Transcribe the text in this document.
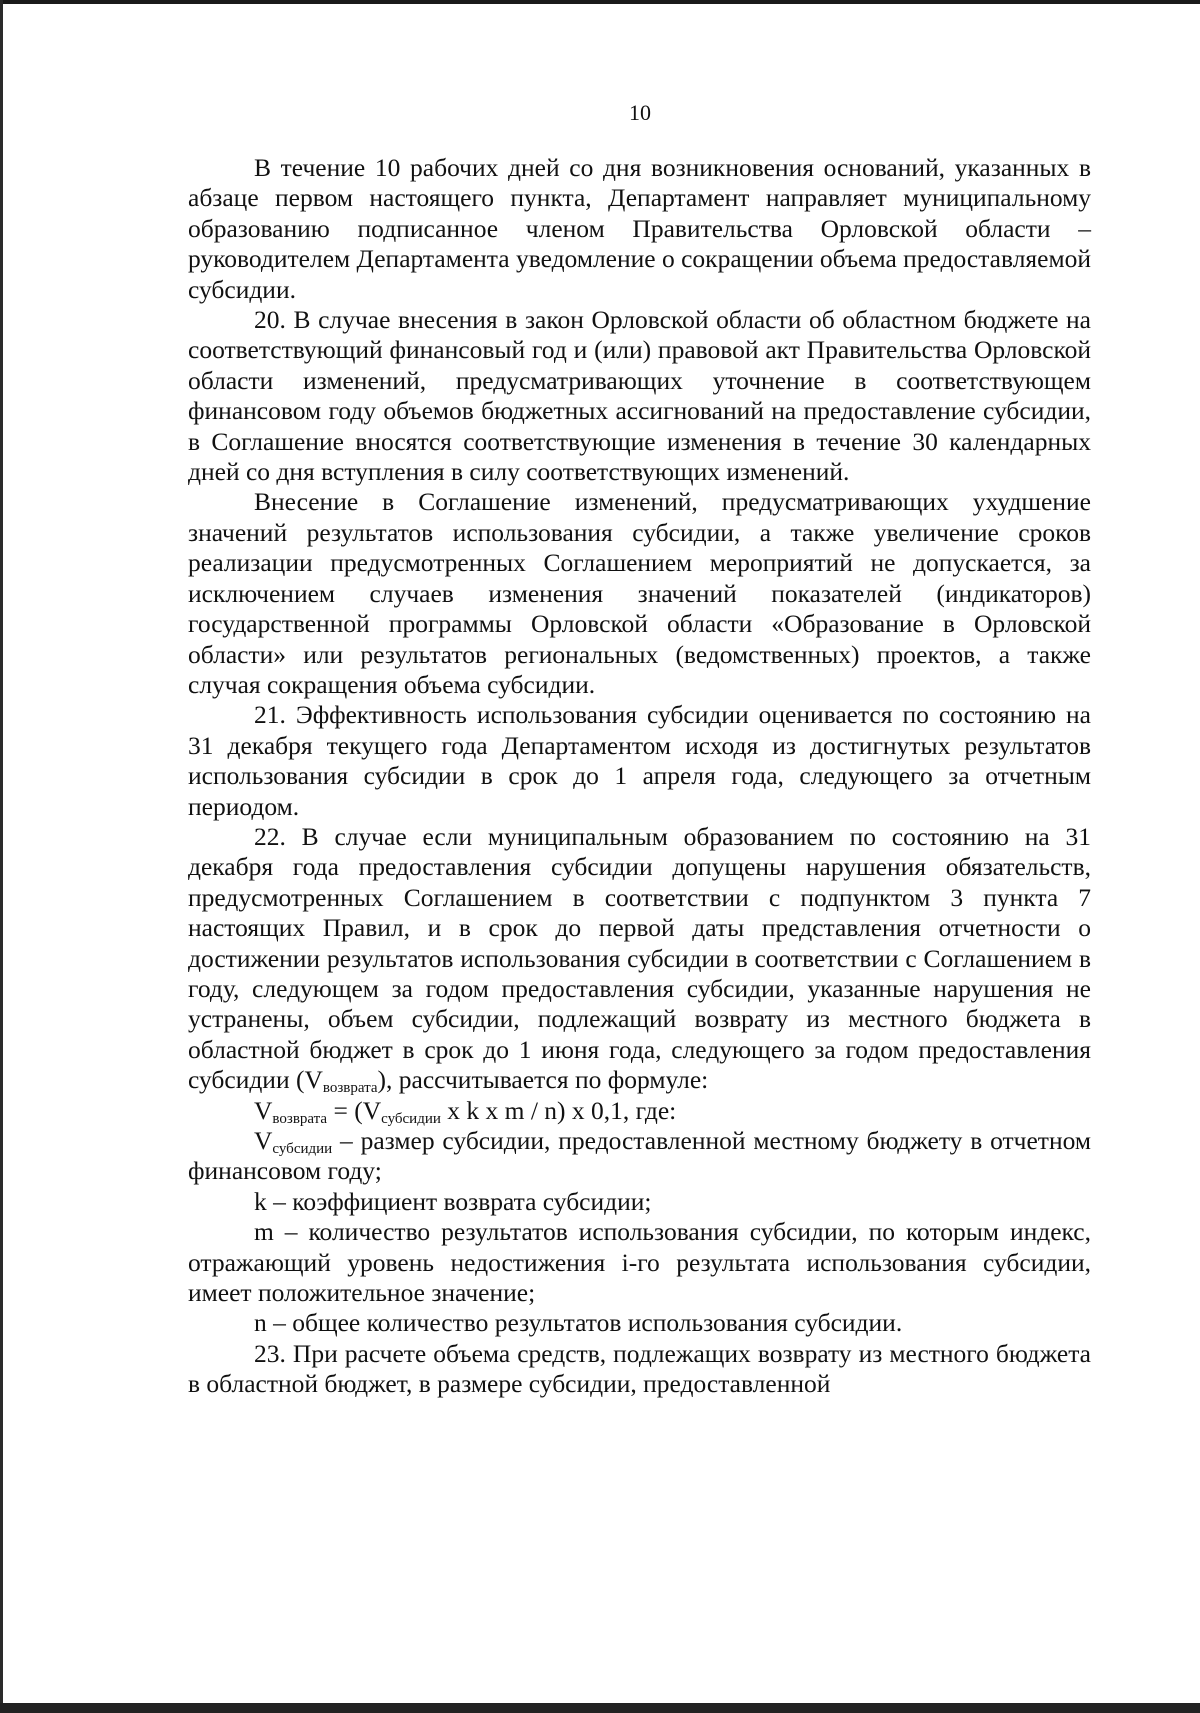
10

В течение 10 рабочих дней со дня возникновения оснований, указанных в абзаце первом настоящего пункта, Департамент направляет муниципальному образованию подписанное членом Правительства Орловской области – руководителем Департамента уведомление о сокращении объема предоставляемой субсидии.

20. В случае внесения в закон Орловской области об областном бюджете на соответствующий финансовый год и (или) правовой акт Правительства Орловской области изменений, предусматривающих уточнение в соответствующем финансовом году объемов бюджетных ассигнований на предоставление субсидии, в Соглашение вносятся соответствующие изменения в течение 30 календарных дней со дня вступления в силу соответствующих изменений.

Внесение в Соглашение изменений, предусматривающих ухудшение значений результатов использования субсидии, а также увеличение сроков реализации предусмотренных Соглашением мероприятий не допускается, за исключением случаев изменения значений показателей (индикаторов) государственной программы Орловской области «Образование в Орловской области» или результатов региональных (ведомственных) проектов, а также случая сокращения объема субсидии.

21. Эффективность использования субсидии оценивается по состоянию на 31 декабря текущего года Департаментом исходя из достигнутых результатов использования субсидии в срок до 1 апреля года, следующего за отчетным периодом.

22. В случае если муниципальным образованием по состоянию на 31 декабря года предоставления субсидии допущены нарушения обязательств, предусмотренных Соглашением в соответствии с подпунктом 3 пункта 7 настоящих Правил, и в срок до первой даты представления отчетности о достижении результатов использования субсидии в соответствии с Соглашением в году, следующем за годом предоставления субсидии, указанные нарушения не устранены, объем субсидии, подлежащий возврату из местного бюджета в областной бюджет в срок до 1 июня года, следующего за годом предоставления субсидии $(V_{возврата})$, рассчитывается по формуле:

$V_{возврата} = (V_{субсидии}$ x k x m / n) x 0,1, где:

$V_{субсидии}$ – размер субсидии, предоставленной местному бюджету в отчетном финансовом году;

k – коэффициент возврата субсидии;

m – количество результатов использования субсидии, по которым индекс, отражающий уровень недостижения i-го результата использования субсидии, имеет положительное значение;

n – общее количество результатов использования субсидии.

23. При расчете объема средств, подлежащих возврату из местного бюджета в областной бюджет, в размере субсидии, предоставленной
